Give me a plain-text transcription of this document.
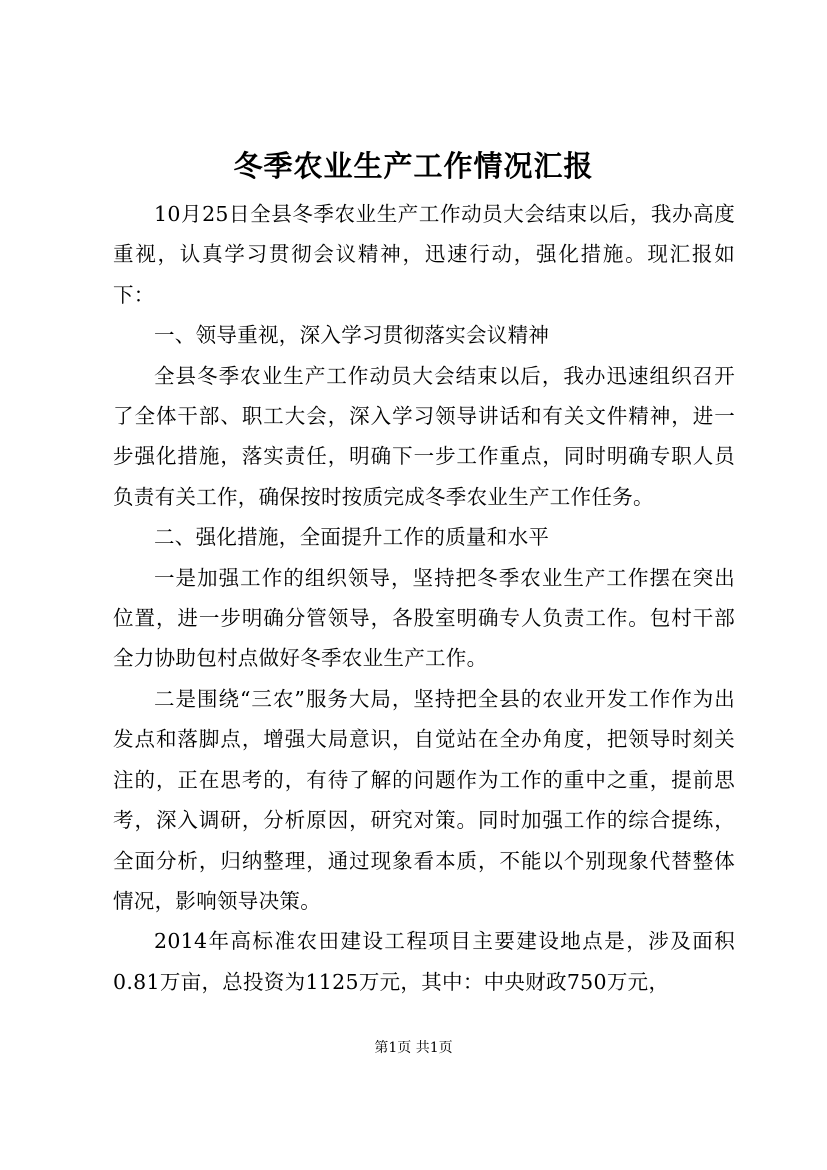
冬季农业生产工作情况汇报

10月25日全县冬季农业生产工作动员大会结束以后，我办高度重视，认真学习贯彻会议精神，迅速行动，强化措施。现汇报如下：

一、领导重视，深入学习贯彻落实会议精神

全县冬季农业生产工作动员大会结束以后，我办迅速组织召开了全体干部、职工大会，深入学习领导讲话和有关文件精神，进一步强化措施，落实责任，明确下一步工作重点，同时明确专职人员负责有关工作，确保按时按质完成冬季农业生产工作任务。

二、强化措施，全面提升工作的质量和水平

一是加强工作的组织领导，坚持把冬季农业生产工作摆在突出位置，进一步明确分管领导，各股室明确专人负责工作。包村干部全力协助包村点做好冬季农业生产工作。

二是围绕“三农”服务大局，坚持把全县的农业开发工作作为出发点和落脚点，增强大局意识，自觉站在全办角度，把领导时刻关注的，正在思考的，有待了解的问题作为工作的重中之重，提前思考，深入调研，分析原因，研究对策。同时加强工作的综合提练，全面分析，归纳整理，通过现象看本质，不能以个别现象代替整体情况，影响领导决策。

2014年高标准农田建设工程项目主要建设地点是，涉及面积0.81万亩，总投资为1125万元，其中：中央财政750万元，

第1页 共1页
